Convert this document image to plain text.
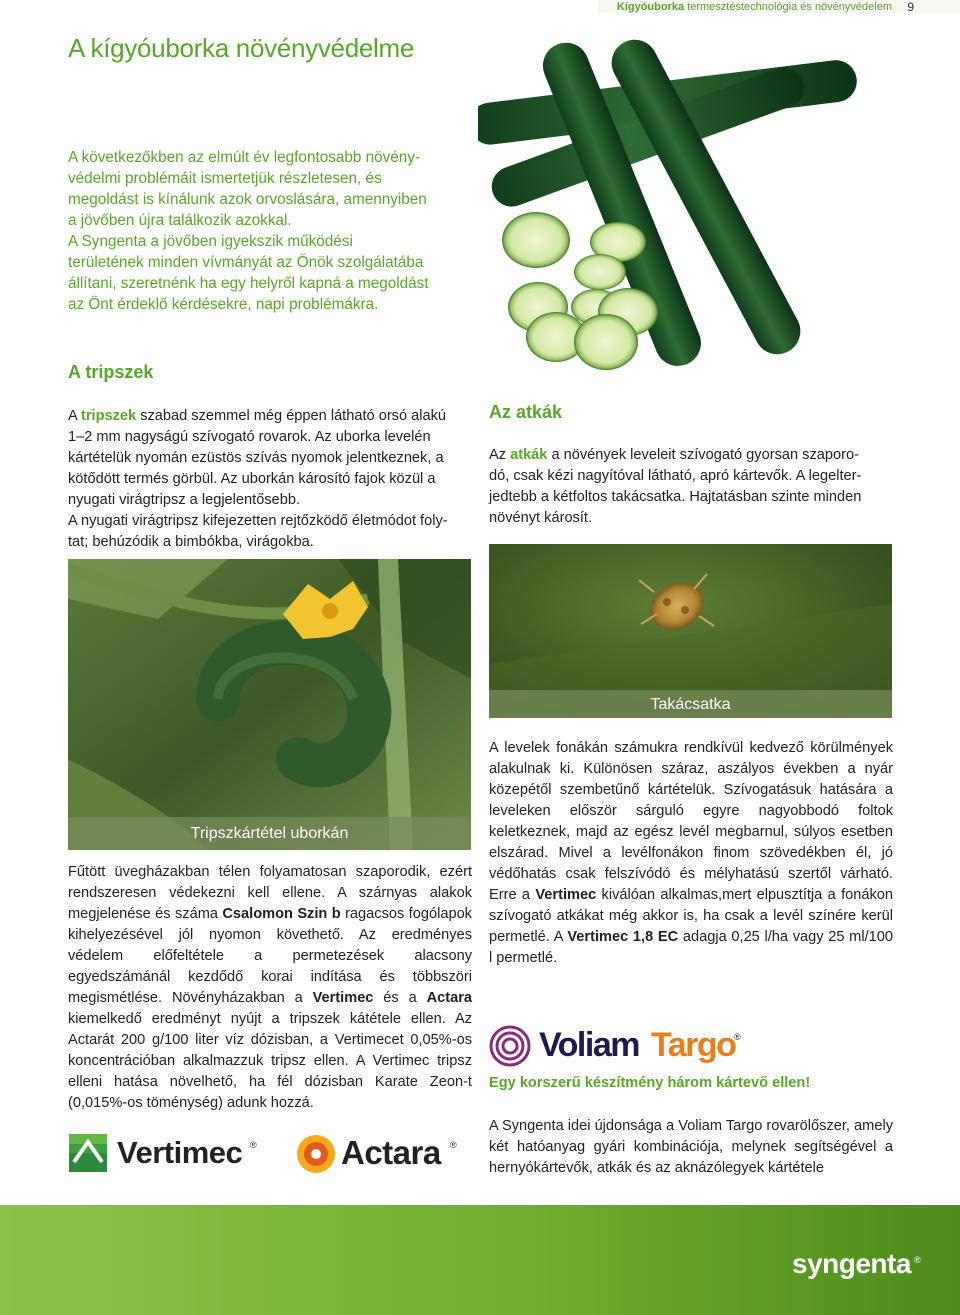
Kígyóuborka termesztéstechnológia és növényvédelem 9
A kígyóuborka növényvédelme
A következőkben az elmúlt év legfontosabb növény-
védelmi problémáit ismertetjük részletesen, és
megoldást is kínálunk azok orvoslására, amennyiben
a jövőben újra találkozik azokkal.
A Syngenta a jövőben igyekszik működési
területének minden vívmányát az Önök szolgálatába
állítani, szeretnénk ha egy helyről kapná a megoldást
az Önt érdeklő kérdésekre, napi problémákra.
A tripszek
A tripszek szabad szemmel még éppen látható orsó alakú
1–2 mm nagyságú szívogató rovarok. Az uborka levelén
kártételük nyomán ezüstös szívás nyomok jelentkeznek, a
kötődött termés görbül. Az uborkán károsító fajok közül a
nyugati virágtripsz a legjelentősebb.
A nyugati virágtripsz kifejezetten rejtőzködő életmódot foly-
tat; behúzódik a bimbókba, virágokba.
Tripszkártétel uborkán
Fűtött üvegházakban télen folyamatosan szaporodik, ezért rendszeresen védekezni kell ellene. A szárnyas alakok megjelenése és száma Csalomon Szin b ragacsos fogólapok kihelyezésével jól nyomon követhető. Az eredményes védelem előfeltétele a permetezések alacsony egyedszámánál kezdődő korai indítása és többszöri megismétlése. Növényházakban a Vertimec és a Actara kiemelkedő eredményt nyújt a tripszek kátétele ellen. Az Actarát 200 g/100 liter víz dózisban, a Vertimecet 0,05%-os koncentrációban alkalmazzuk tripsz ellen. A Vertimec tripsz elleni hatása növelhető, ha fél dózisban Karate Zeon-t (0,015%-os töménység) adunk hozzá.
Vertimec ®	Actara ®
Az atkák
Az atkák a növények leveleit szívogató gyorsan szaporo-
dó, csak kézi nagyítóval látható, apró kártevők. A legelter-
jedtebb a kétfoltos takácsatka. Hajtatásban szinte minden
növényt károsít.
Takácsatka
A levelek fonákán számukra rendkívül kedvező körülmények alakulnak ki. Különösen száraz, aszályos években a nyár közepétől szembetűnő kártételük. Szívogatásuk hatására a leveleken először sárguló egyre nagyobbodó foltok keletkeznek, majd az egész levél megbarnul, súlyos esetben elszárad. Mivel a levélfonákon finom szövedékben él, jó védőhatás csak felszívódó és mélyhatású szertől várható. Erre a Vertimec kiválóan alkalmas,mert elpusztítja a fonákon szívogató atkákat még akkor is, ha csak a levél színére kerül permetlé. A Vertimec 1,8 EC adagja 0,25 l/ha vagy 25 ml/100 l permetlé.
Voliam Targo
®
Egy korszerű készítmény három kártevő ellen!
A Syngenta idei újdonsága a Voliam Targo rovarölőszer, amely két hatóanyag gyári kombinációja, melynek segítségével a hernyókártevők, atkák és az aknázólegyek kártétele
syngenta ®
